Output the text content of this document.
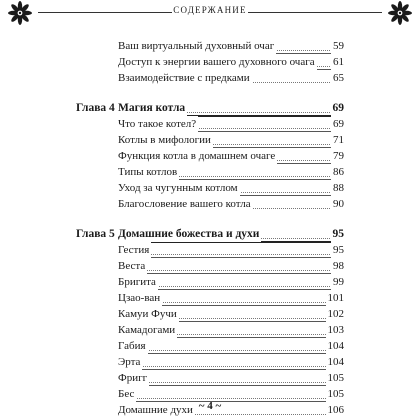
СОДЕРЖАНИЕ
Ваш виртуальный духовный очаг	59
Доступ к энергии вашего духовного очага 61
Взаимодействие с предками	65
Глава 4 Магия котла	69
Что такое котел?	69
Котлы в мифологии	71
Функция котла в домашнем очаге	79
Типы котлов	86
Уход за чугунным котлом	88
Благословение вашего котла	90
Глава 5 Домашние божества и духи	95
Гестия	95
Веста	98
Бригита	99
Цзао-ван	101
Камуи Фучи	102
Камадогами	103
Габия	104
Эрта	104
Фригг	105
Бес	105
Домашние духи	106
~ 4 ~
